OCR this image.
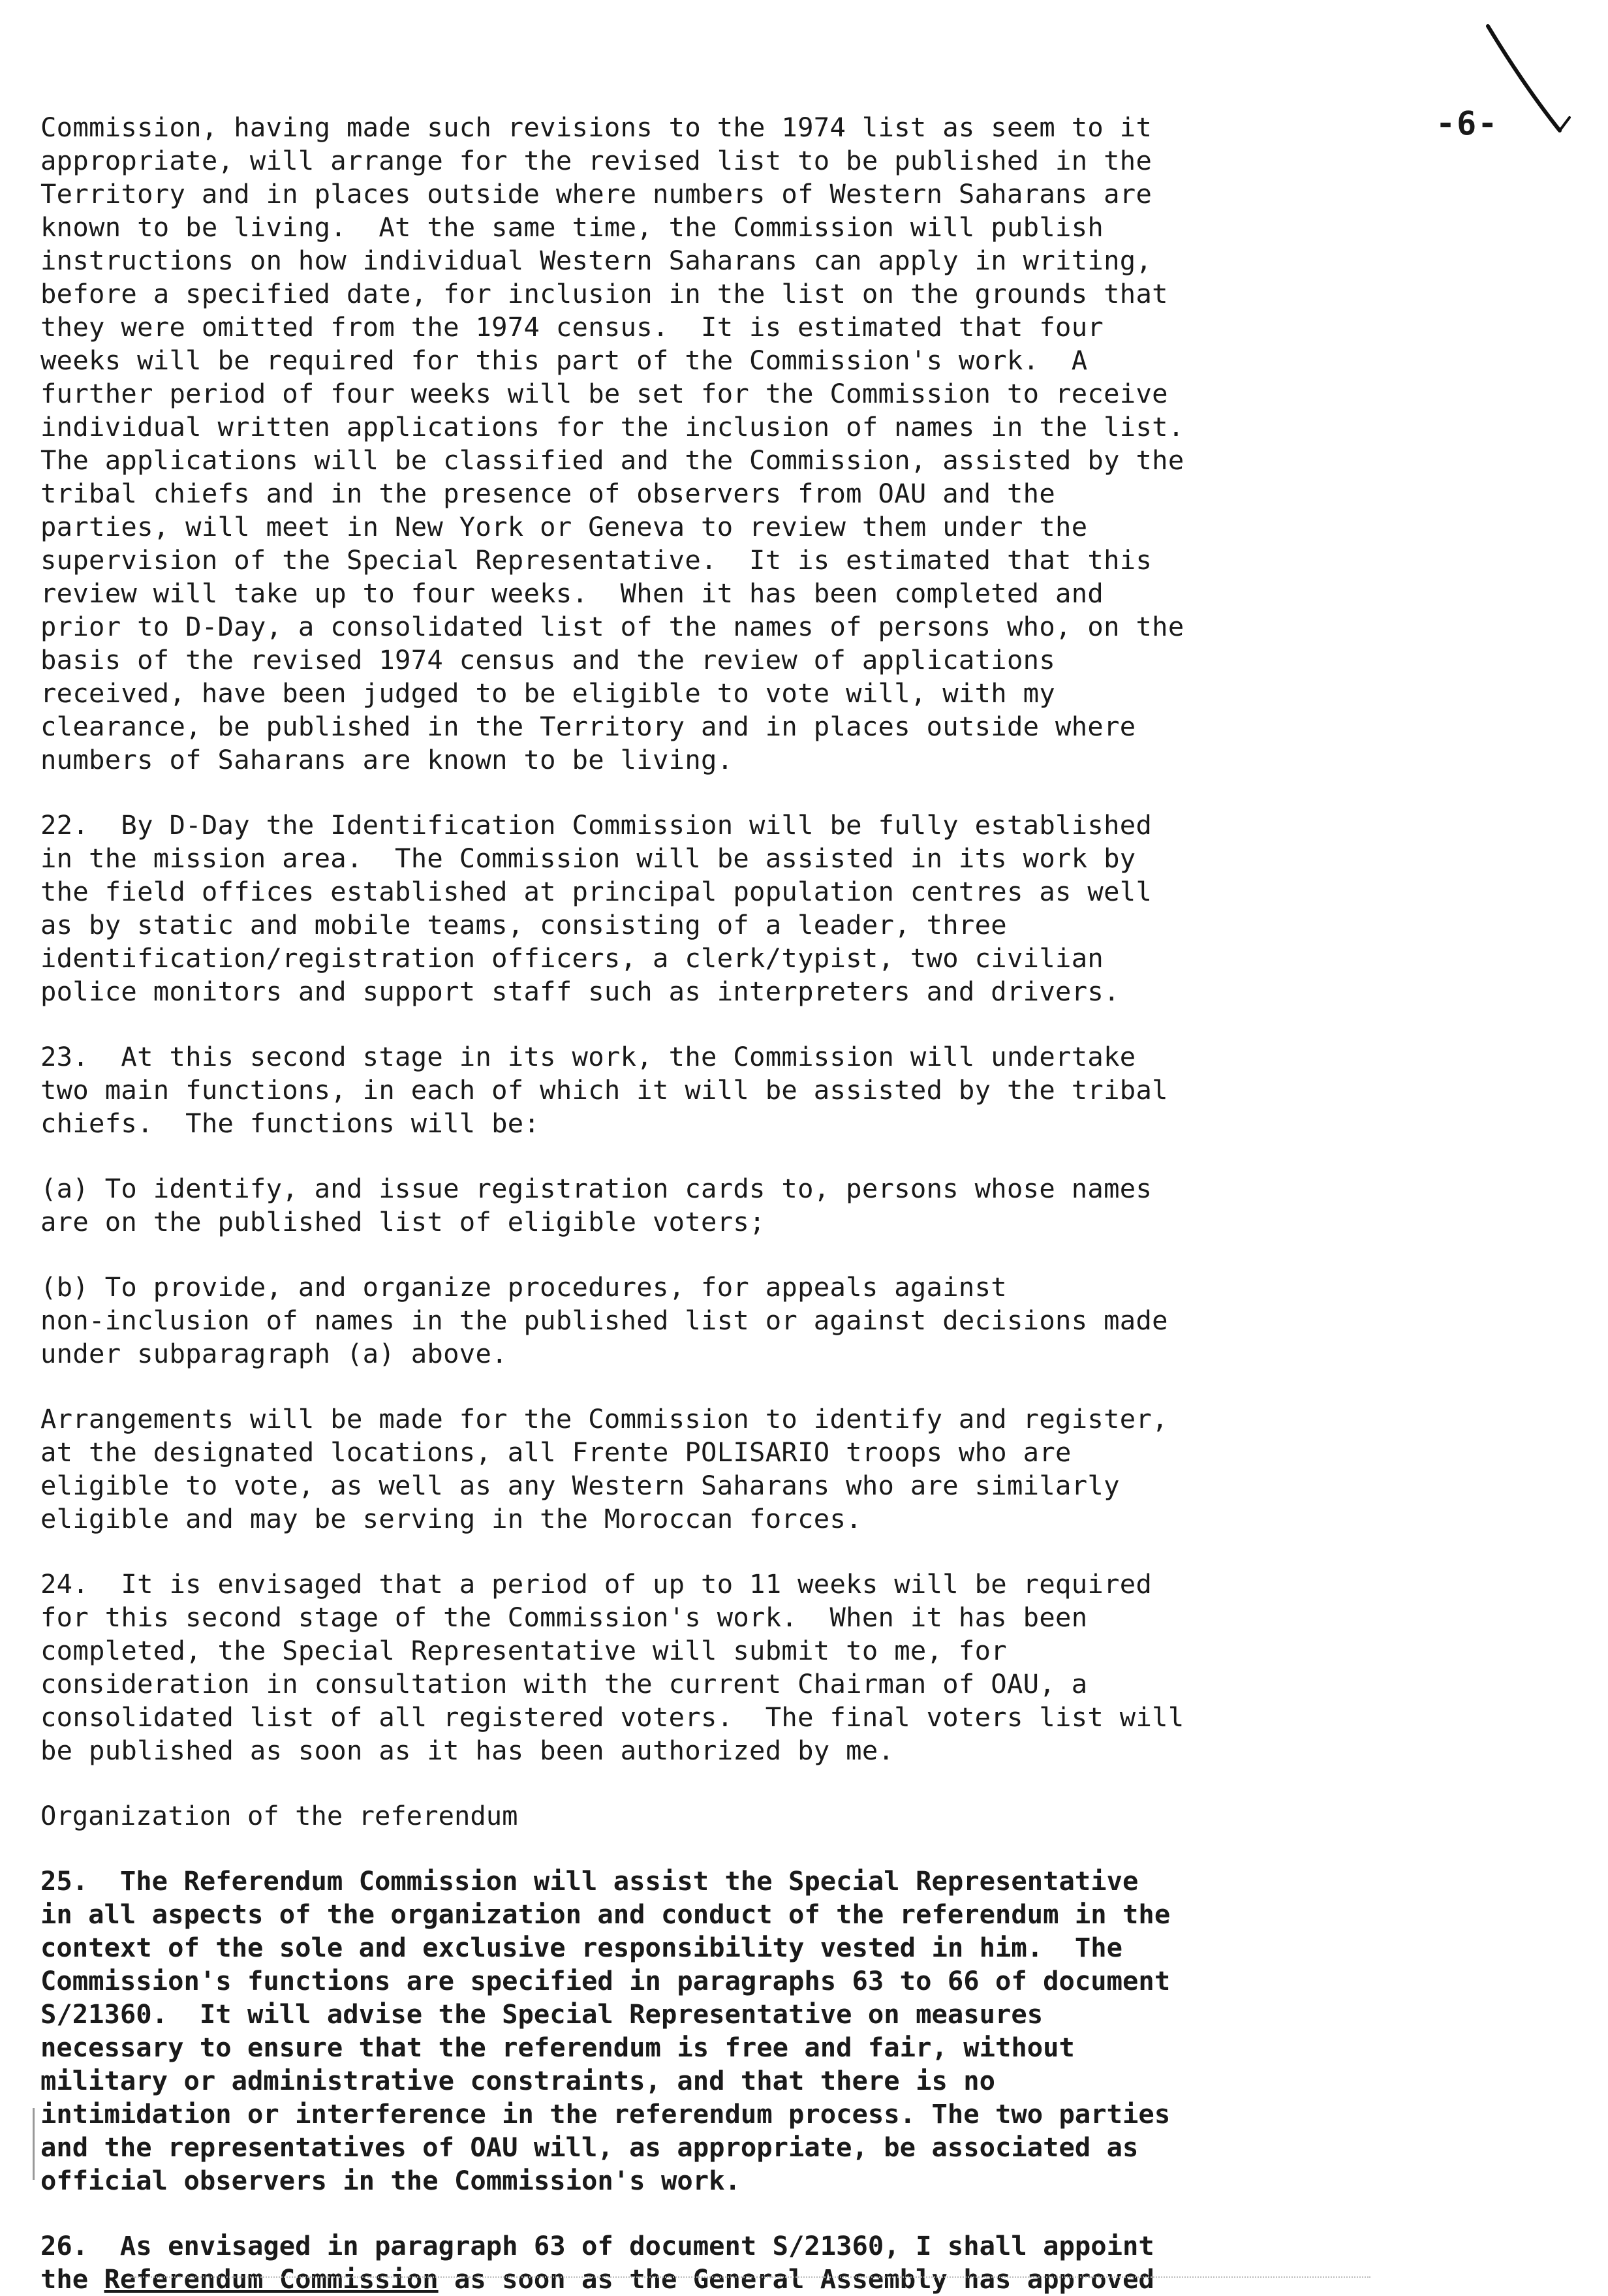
-6-

Commission, having made such revisions to the 1974 list as seem to it
appropriate, will arrange for the revised list to be published in the
Territory and in places outside where numbers of Western Saharans are
known to be living.  At the same time, the Commission will publish
instructions on how individual Western Saharans can apply in writing,
before a specified date, for inclusion in the list on the grounds that
they were omitted from the 1974 census.  It is estimated that four
weeks will be required for this part of the Commission's work.  A
further period of four weeks will be set for the Commission to receive
individual written applications for the inclusion of names in the list.
The applications will be classified and the Commission, assisted by the
tribal chiefs and in the presence of observers from OAU and the
parties, will meet in New York or Geneva to review them under the
supervision of the Special Representative.  It is estimated that this
review will take up to four weeks.  When it has been completed and
prior to D-Day, a consolidated list of the names of persons who, on the
basis of the revised 1974 census and the review of applications
received, have been judged to be eligible to vote will, with my
clearance, be published in the Territory and in places outside where
numbers of Saharans are known to be living.

22.  By D-Day the Identification Commission will be fully established
in the mission area.  The Commission will be assisted in its work by
the field offices established at principal population centres as well
as by static and mobile teams, consisting of a leader, three
identification/registration officers, a clerk/typist, two civilian
police monitors and support staff such as interpreters and drivers.

23.  At this second stage in its work, the Commission will undertake
two main functions, in each of which it will be assisted by the tribal
chiefs.  The functions will be:

(a) To identify, and issue registration cards to, persons whose names
are on the published list of eligible voters;

(b) To provide, and organize procedures, for appeals against
non-inclusion of names in the published list or against decisions made
under subparagraph (a) above.

Arrangements will be made for the Commission to identify and register,
at the designated locations, all Frente POLISARIO troops who are
eligible to vote, as well as any Western Saharans who are similarly
eligible and may be serving in the Moroccan forces.

24.  It is envisaged that a period of up to 11 weeks will be required
for this second stage of the Commission's work.  When it has been
completed, the Special Representative will submit to me, for
consideration in consultation with the current Chairman of OAU, a
consolidated list of all registered voters.  The final voters list will
be published as soon as it has been authorized by me.

Organization of the referendum

25.  The Referendum Commission will assist the Special Representative
in all aspects of the organization and conduct of the referendum in the
context of the sole and exclusive responsibility vested in him.  The
Commission's functions are specified in paragraphs 63 to 66 of document
S/21360.  It will advise the Special Representative on measures
necessary to ensure that the referendum is free and fair, without
military or administrative constraints, and that there is no
intimidation or interference in the referendum process. The two parties
and the representatives of OAU will, as appropriate, be associated as
official observers in the Commission's work.

26.  As envisaged in paragraph 63 of document S/21360, I shall appoint
the Referendum Commission as soon as the General Assembly has approved
